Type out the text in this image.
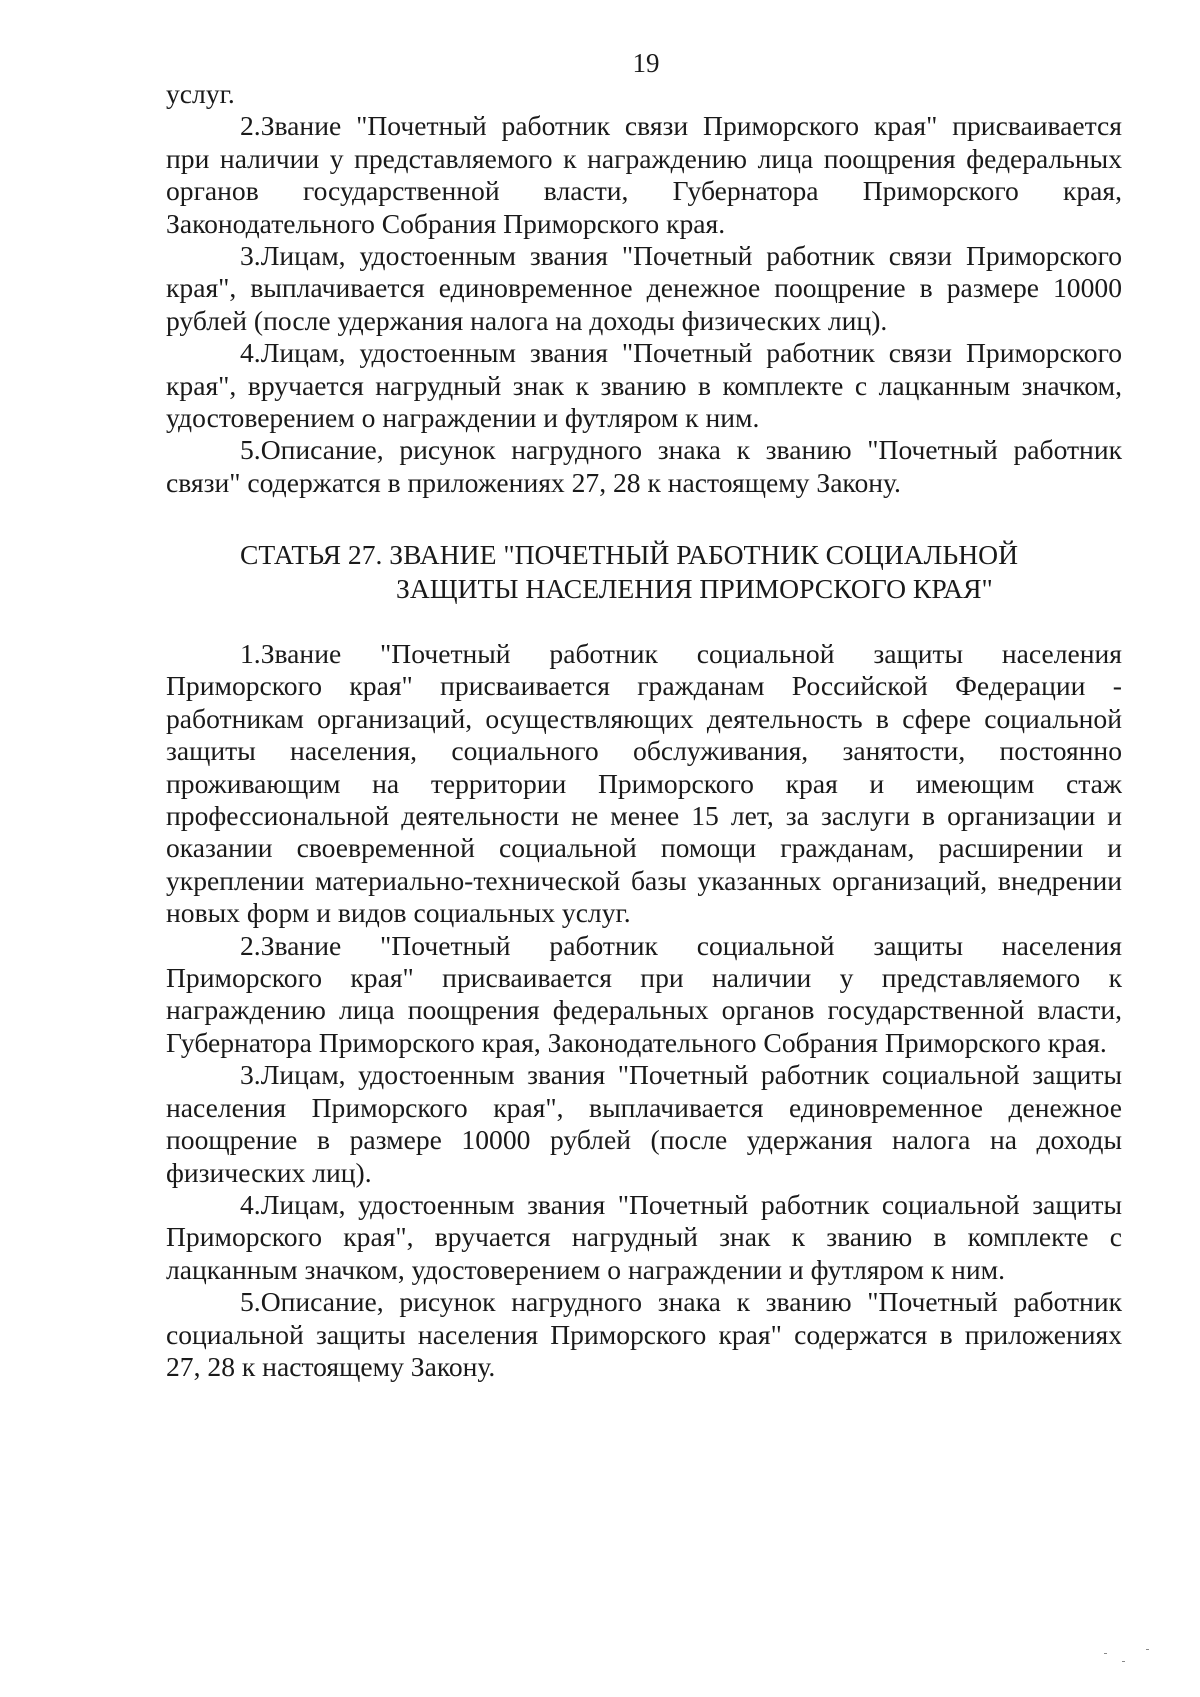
19

услуг.

2.Звание "Почетный работник связи Приморского края" присваивается при наличии у представляемого к награждению лица поощрения федеральных органов государственной власти, Губернатора Приморского края, Законодательного Собрания Приморского края.

3.Лицам, удостоенным звания "Почетный работник связи Приморского края", выплачивается единовременное денежное поощрение в размере 10000 рублей (после удержания налога на доходы физических лиц).

4.Лицам, удостоенным звания "Почетный работник связи Приморского края", вручается нагрудный знак к званию в комплекте с лацканным значком, удостоверением о награждении и футляром к ним.

5.Описание, рисунок нагрудного знака к званию "Почетный работник связи" содержатся в приложениях 27, 28 к настоящему Закону.

СТАТЬЯ 27. ЗВАНИЕ "ПОЧЕТНЫЙ РАБОТНИК СОЦИАЛЬНОЙ
ЗАЩИТЫ НАСЕЛЕНИЯ ПРИМОРСКОГО КРАЯ"

1.Звание "Почетный работник социальной защиты населения Приморского края" присваивается гражданам Российской Федерации - работникам организаций, осуществляющих деятельность в сфере социальной защиты населения, социального обслуживания, занятости, постоянно проживающим на территории Приморского края и имеющим стаж профессиональной деятельности не менее 15 лет, за заслуги в организации и оказании своевременной социальной помощи гражданам, расширении и укреплении материально-технической базы указанных организаций, внедрении новых форм и видов социальных услуг.

2.Звание "Почетный работник социальной защиты населения Приморского края" присваивается при наличии у представляемого к награждению лица поощрения федеральных органов государственной власти, Губернатора Приморского края, Законодательного Собрания Приморского края.

3.Лицам, удостоенным звания "Почетный работник социальной защиты населения Приморского края", выплачивается единовременное денежное поощрение в размере 10000 рублей (после удержания налога на доходы физических лиц).

4.Лицам, удостоенным звания "Почетный работник социальной защиты Приморского края", вручается нагрудный знак к званию в комплекте с лацканным значком, удостоверением о награждении и футляром к ним.

5.Описание, рисунок нагрудного знака к званию "Почетный работник социальной защиты населения Приморского края" содержатся в приложениях 27, 28 к настоящему Закону.
